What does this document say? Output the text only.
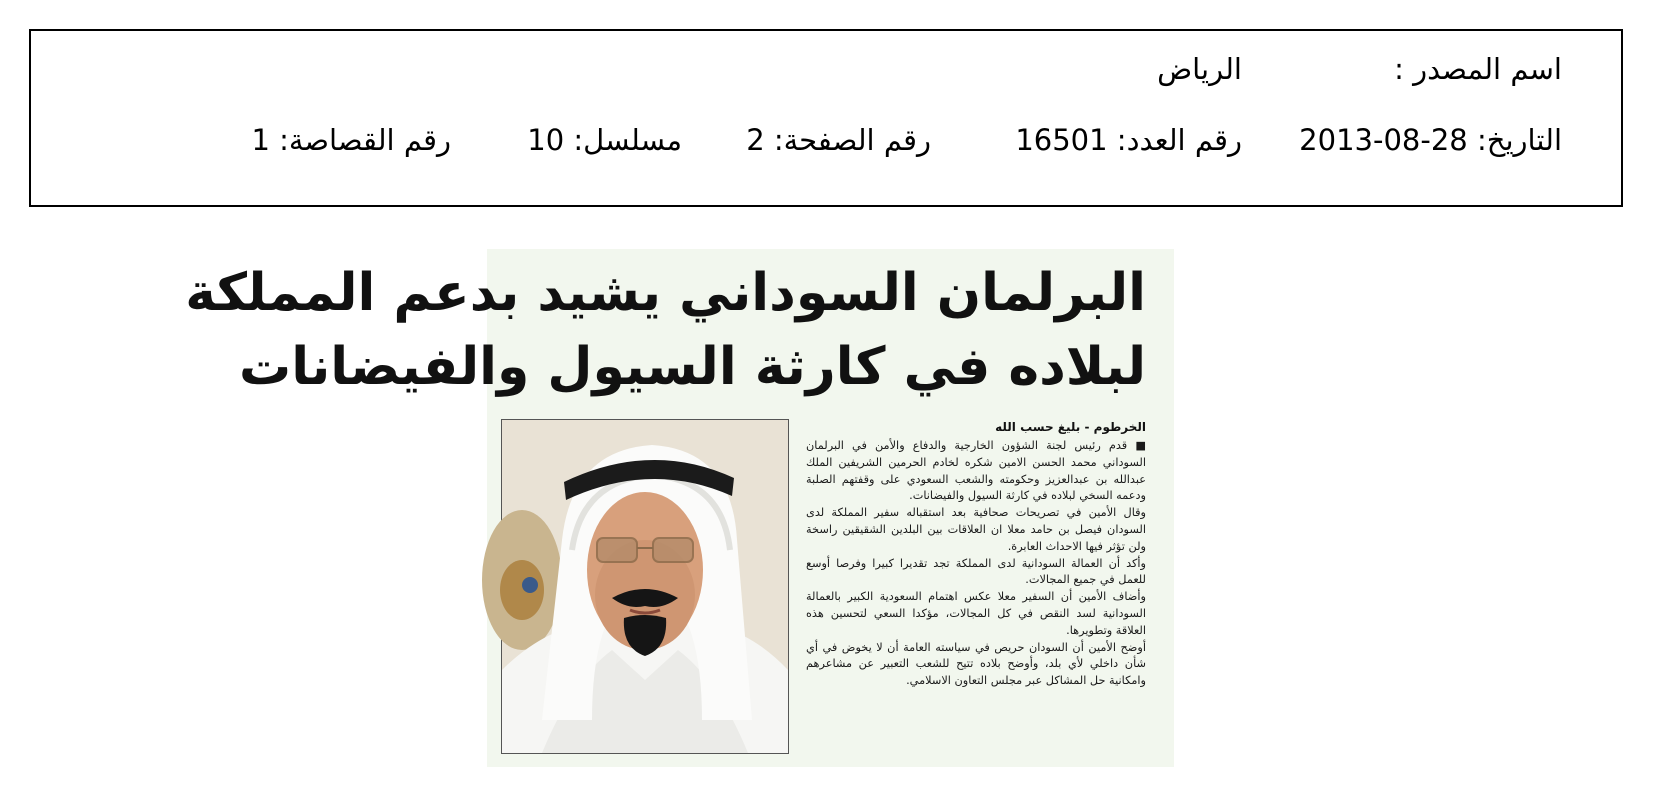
اسم المصدر :
الرياض
التاريخ: 28-08-2013
رقم العدد: 16501
رقم الصفحة: 2
مسلسل: 10
رقم القصاصة: 1
البرلمان السوداني يشيد بدعم المملكة
لبلاده في كارثة السيول والفيضانات
الخرطوم - بليغ حسب الله

■ قدم رئيس لجنة الشؤون الخارجية والدفاع والأمن في البرلمان السوداني محمد الحسن الامين شكره لخادم الحرمين الشريفين الملك عبدالله بن عبدالعزيز وحكومته والشعب السعودي على وقفتهم الصلبة ودعمه السخي لبلاده في كارثة السيول والفيضانات.

وقال الأمين في تصريحات صحافية بعد استقباله سفير المملكة لدى السودان فيصل بن حامد معلا ان العلاقات بين البلدين الشقيقين راسخة ولن تؤثر فيها الاحداث العابرة.

وأكد أن العمالة السودانية لدى المملكة تجد تقديرا كبيرا وفرصا أوسع للعمل في جميع المجالات.

وأضاف الأمين أن السفير معلا عكس اهتمام السعودية الكبير بالعمالة السودانية لسد النقص في كل المجالات، مؤكدا السعي لتحسين هذه العلاقة وتطويرها.

أوضح الأمين أن السودان حريص في سياسته العامة أن لا يخوض في أي شأن داخلي لأي بلد، وأوضح بلاده تتيح للشعب التعبير عن مشاعرهم وامكانية حل المشاكل عبر مجلس التعاون الاسلامي.
